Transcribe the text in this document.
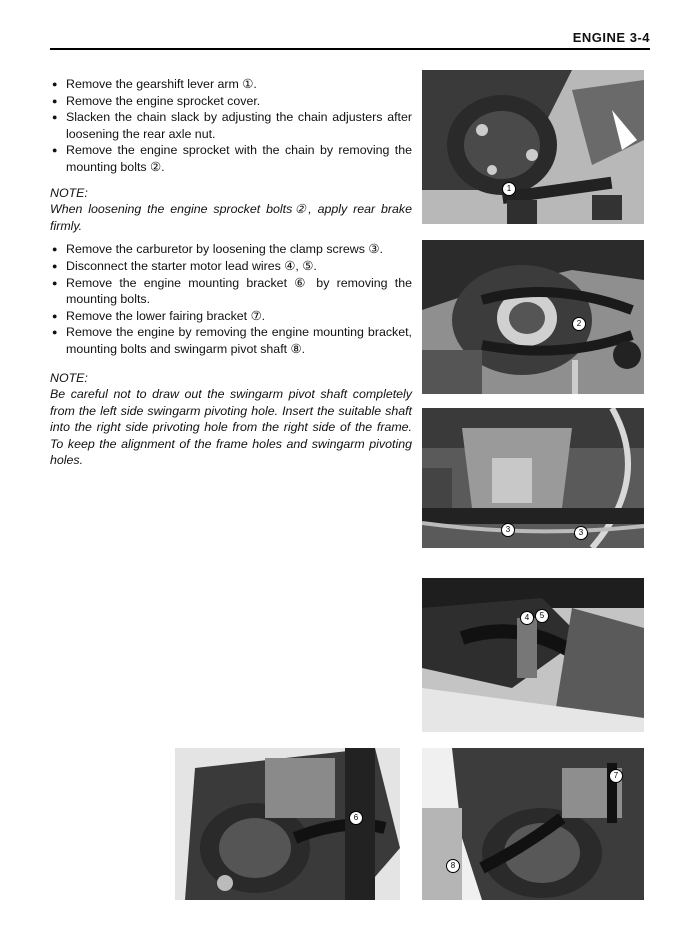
ENGINE 3-4
● Remove the gearshift lever arm ①.
● Remove the engine sprocket cover.
● Slacken the chain slack by adjusting the chain adjusters after loosening the rear axle nut.
● Remove the engine sprocket with the chain by removing the mounting bolts ②.
NOTE:
When loosening the engine sprocket bolts②, apply rear brake firmly.
● Remove the carburetor by loosening the clamp screws ③.
● Disconnect the starter motor lead wires ④, ⑤.
● Remove the engine mounting bracket ⑥ by removing the mounting bolts.
● Remove the lower fairing bracket ⑦.
● Remove the engine by removing the engine mounting bracket, mounting bolts and swingarm pivot shaft ⑧.
NOTE:
Be careful not to draw out the swingarm pivot shaft completely from the left side swingarm pivoting hole. Insert the suitable shaft into the right side privoting hole from the right side of the frame. To keep the alignment of the frame holes and swingarm pivoting holes.
1
2
3	3
4	5
6
7
8
